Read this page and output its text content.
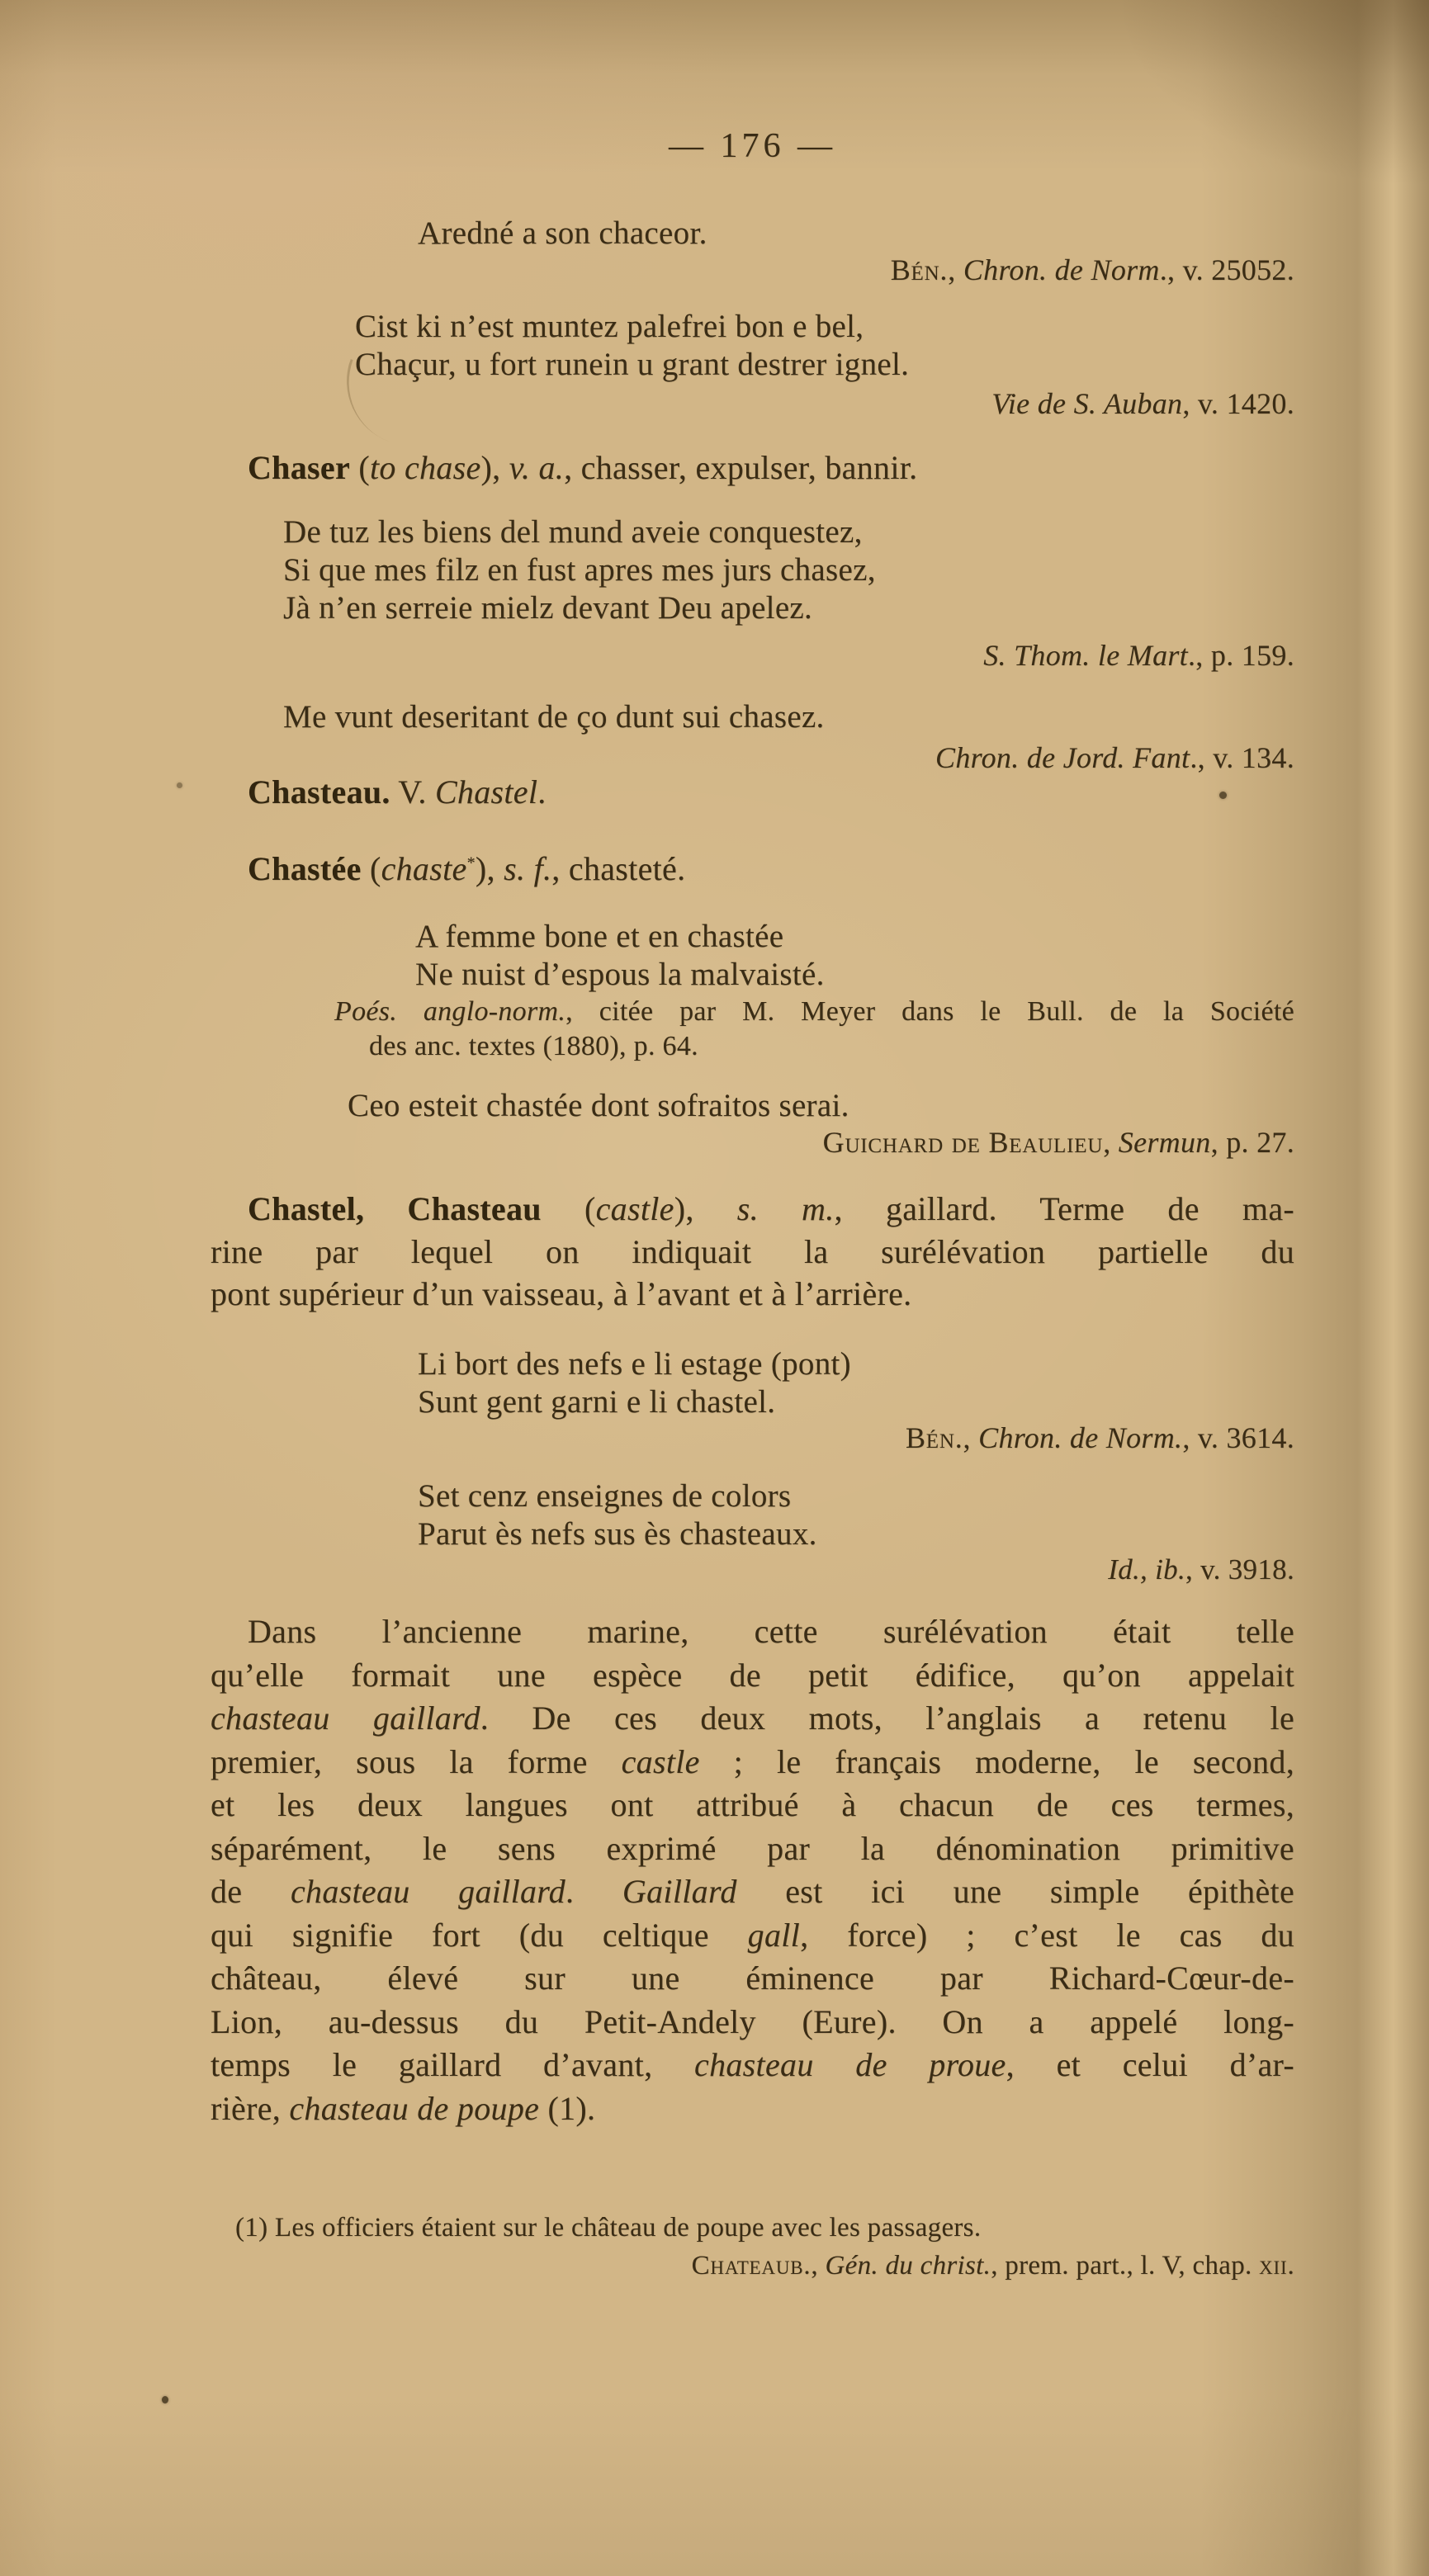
— 176 —
Aredné a son chaceor.
Bén., Chron. de Norm., v. 25052.
Cist ki n’est muntez palefrei bon e bel,
Chaçur, u fort runein u grant destrer ignel.
Vie de S. Auban, v. 1420.
Chaser (to chase), v. a., chasser, expulser, bannir.
De tuz les biens del mund aveie conquestez,
Si que mes filz en fust apres mes jurs chasez,
Jà n’en serreie mielz devant Deu apelez.
S. Thom. le Mart., p. 159.
Me vunt deseritant de ço dunt sui chasez.
Chron. de Jord. Fant., v. 134.
Chasteau. V. Chastel.
Chastée (chaste*), s. f., chasteté.
A femme bone et en chastée
Ne nuist d’espous la malvaisté.
Poés. anglo-norm., citée par M. Meyer dans le Bull. de la Société
des anc. textes (1880), p. 64.
Ceo esteit chastée dont sofraitos serai.
Guichard de Beaulieu, Sermun, p. 27.
Chastel, Chasteau (castle), s. m., gaillard. Terme de ma-
rine par lequel on indiquait la surélévation partielle du
pont supérieur d’un vaisseau, à l’avant et à l’arrière.
Li bort des nefs e li estage (pont)
Sunt gent garni e li chastel.
Bén., Chron. de Norm., v. 3614.
Set cenz enseignes de colors
Parut ès nefs sus ès chasteaux.
Id., ib., v. 3918.
Dans l’ancienne marine, cette surélévation était telle
qu’elle formait une espèce de petit édifice, qu’on appelait
chasteau gaillard. De ces deux mots, l’anglais a retenu le
premier, sous la forme castle ; le français moderne, le second,
et les deux langues ont attribué à chacun de ces termes,
séparément, le sens exprimé par la dénomination primitive
de chasteau gaillard. Gaillard est ici une simple épithète
qui signifie fort (du celtique gall, force) ; c’est le cas du
château, élevé sur une éminence par Richard-Cœur-de-
Lion, au-dessus du Petit-Andely (Eure). On a appelé long-
temps le gaillard d’avant, chasteau de proue, et celui d’ar-
rière, chasteau de poupe (1).
(1) Les officiers étaient sur le château de poupe avec les passagers.
Chateaub., Gén. du christ., prem. part., l. V, chap. xii.
